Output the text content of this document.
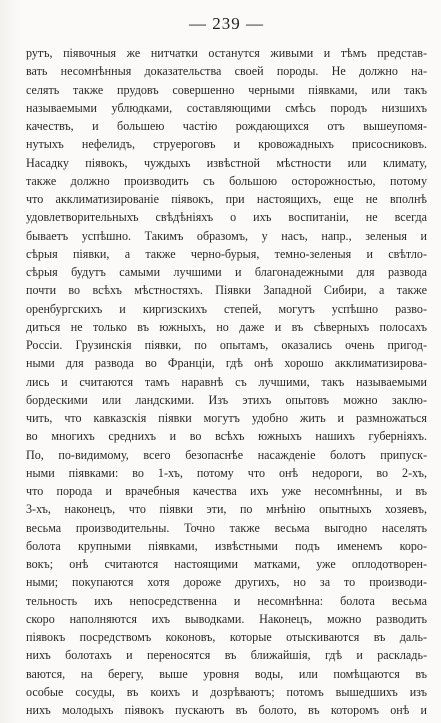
— 239 —
рутъ, піявочныя же нитчатки останутся живыми и тѣмъ представ-
вать несомнѣнныя доказательства своей породы. Не должно на-
селять также прудовъ совершенно черными піявками, или такъ
называемыми ублюдками, составляющими смѣсь породъ низшихъ
качествъ, и большею частію рождающихся отъ вышеупомя-
нутыхъ нефелидъ, струероговъ и кровожадныхъ присосниковъ.
Насадку піявокъ, чуждыхъ извѣстной мѣстности или климату,
также должно производить съ большою осторожностью, потому
что акклиматизированіе піявокъ, при настоящихъ, еще не вполнѣ
удовлетворительныхъ свѣдѣніяхъ о ихъ воспитаніи, не всегда
бываетъ успѣшно. Такимъ образомъ, у насъ, напр., зеленыя и
сѣрыя піявки, а также черно-бурыя, темно-зеленыя и свѣтло-
сѣрыя будутъ самыми лучшими и благонадежными для развода
почти во всѣхъ мѣстностяхъ. Піявки Западной Сибири, а также
оренбургскихъ и киргизскихъ степей, могутъ успѣшно разво-
диться не только въ южныхъ, но даже и въ сѣверныхъ полосахъ
Россіи. Грузинскія піявки, по опытамъ, оказались очень пригод-
ными для развода во Франціи, гдѣ онѣ хорошо акклиматизирова-
лись и считаются тамъ наравнѣ съ лучшими, такъ называемыми
бордескими или ландскими. Изъ этихъ опытовъ можно заклю-
чить, что кавказскія піявки могутъ удобно жить и размножаться
во многихъ среднихъ и во всѣхъ южныхъ нашихъ губерніяхъ.
По, по-видимому, всего безопаснѣе насажденіе болотъ припуск-
ными піявками: во 1-хъ, потому что онѣ недороги, во 2-хъ,
что порода и врачебныя качества ихъ уже несомнѣнны, и въ
3-хъ, наконецъ, что піявки эти, по мнѣнію опытныхъ хозяевъ,
весьма производительны. Точно также весьма выгодно населять
болота крупными піявками, извѣстными подъ именемъ коро-
вокъ; онѣ считаются настоящими матками, уже оплодотворен-
ными; покупаются хотя дороже другихъ, но за то производи-
тельность ихъ непосредственна и несомнѣнна: болота весьма
скоро наполняются ихъ выводками. Наконецъ, можно разводить
піявокъ посредствомъ коконовъ, которые отыскиваются въ даль-
нихъ болотахъ и переносятся въ ближайшія, гдѣ и раскладь-
ваются, на берегу, выше уровня воды, или помѣщаются въ
особые сосуды, въ коихъ и дозрѣваютъ; потомъ вышедшихъ изъ
нихъ молодыхъ піявокъ пускаютъ въ болото, въ которомъ онѣ и
